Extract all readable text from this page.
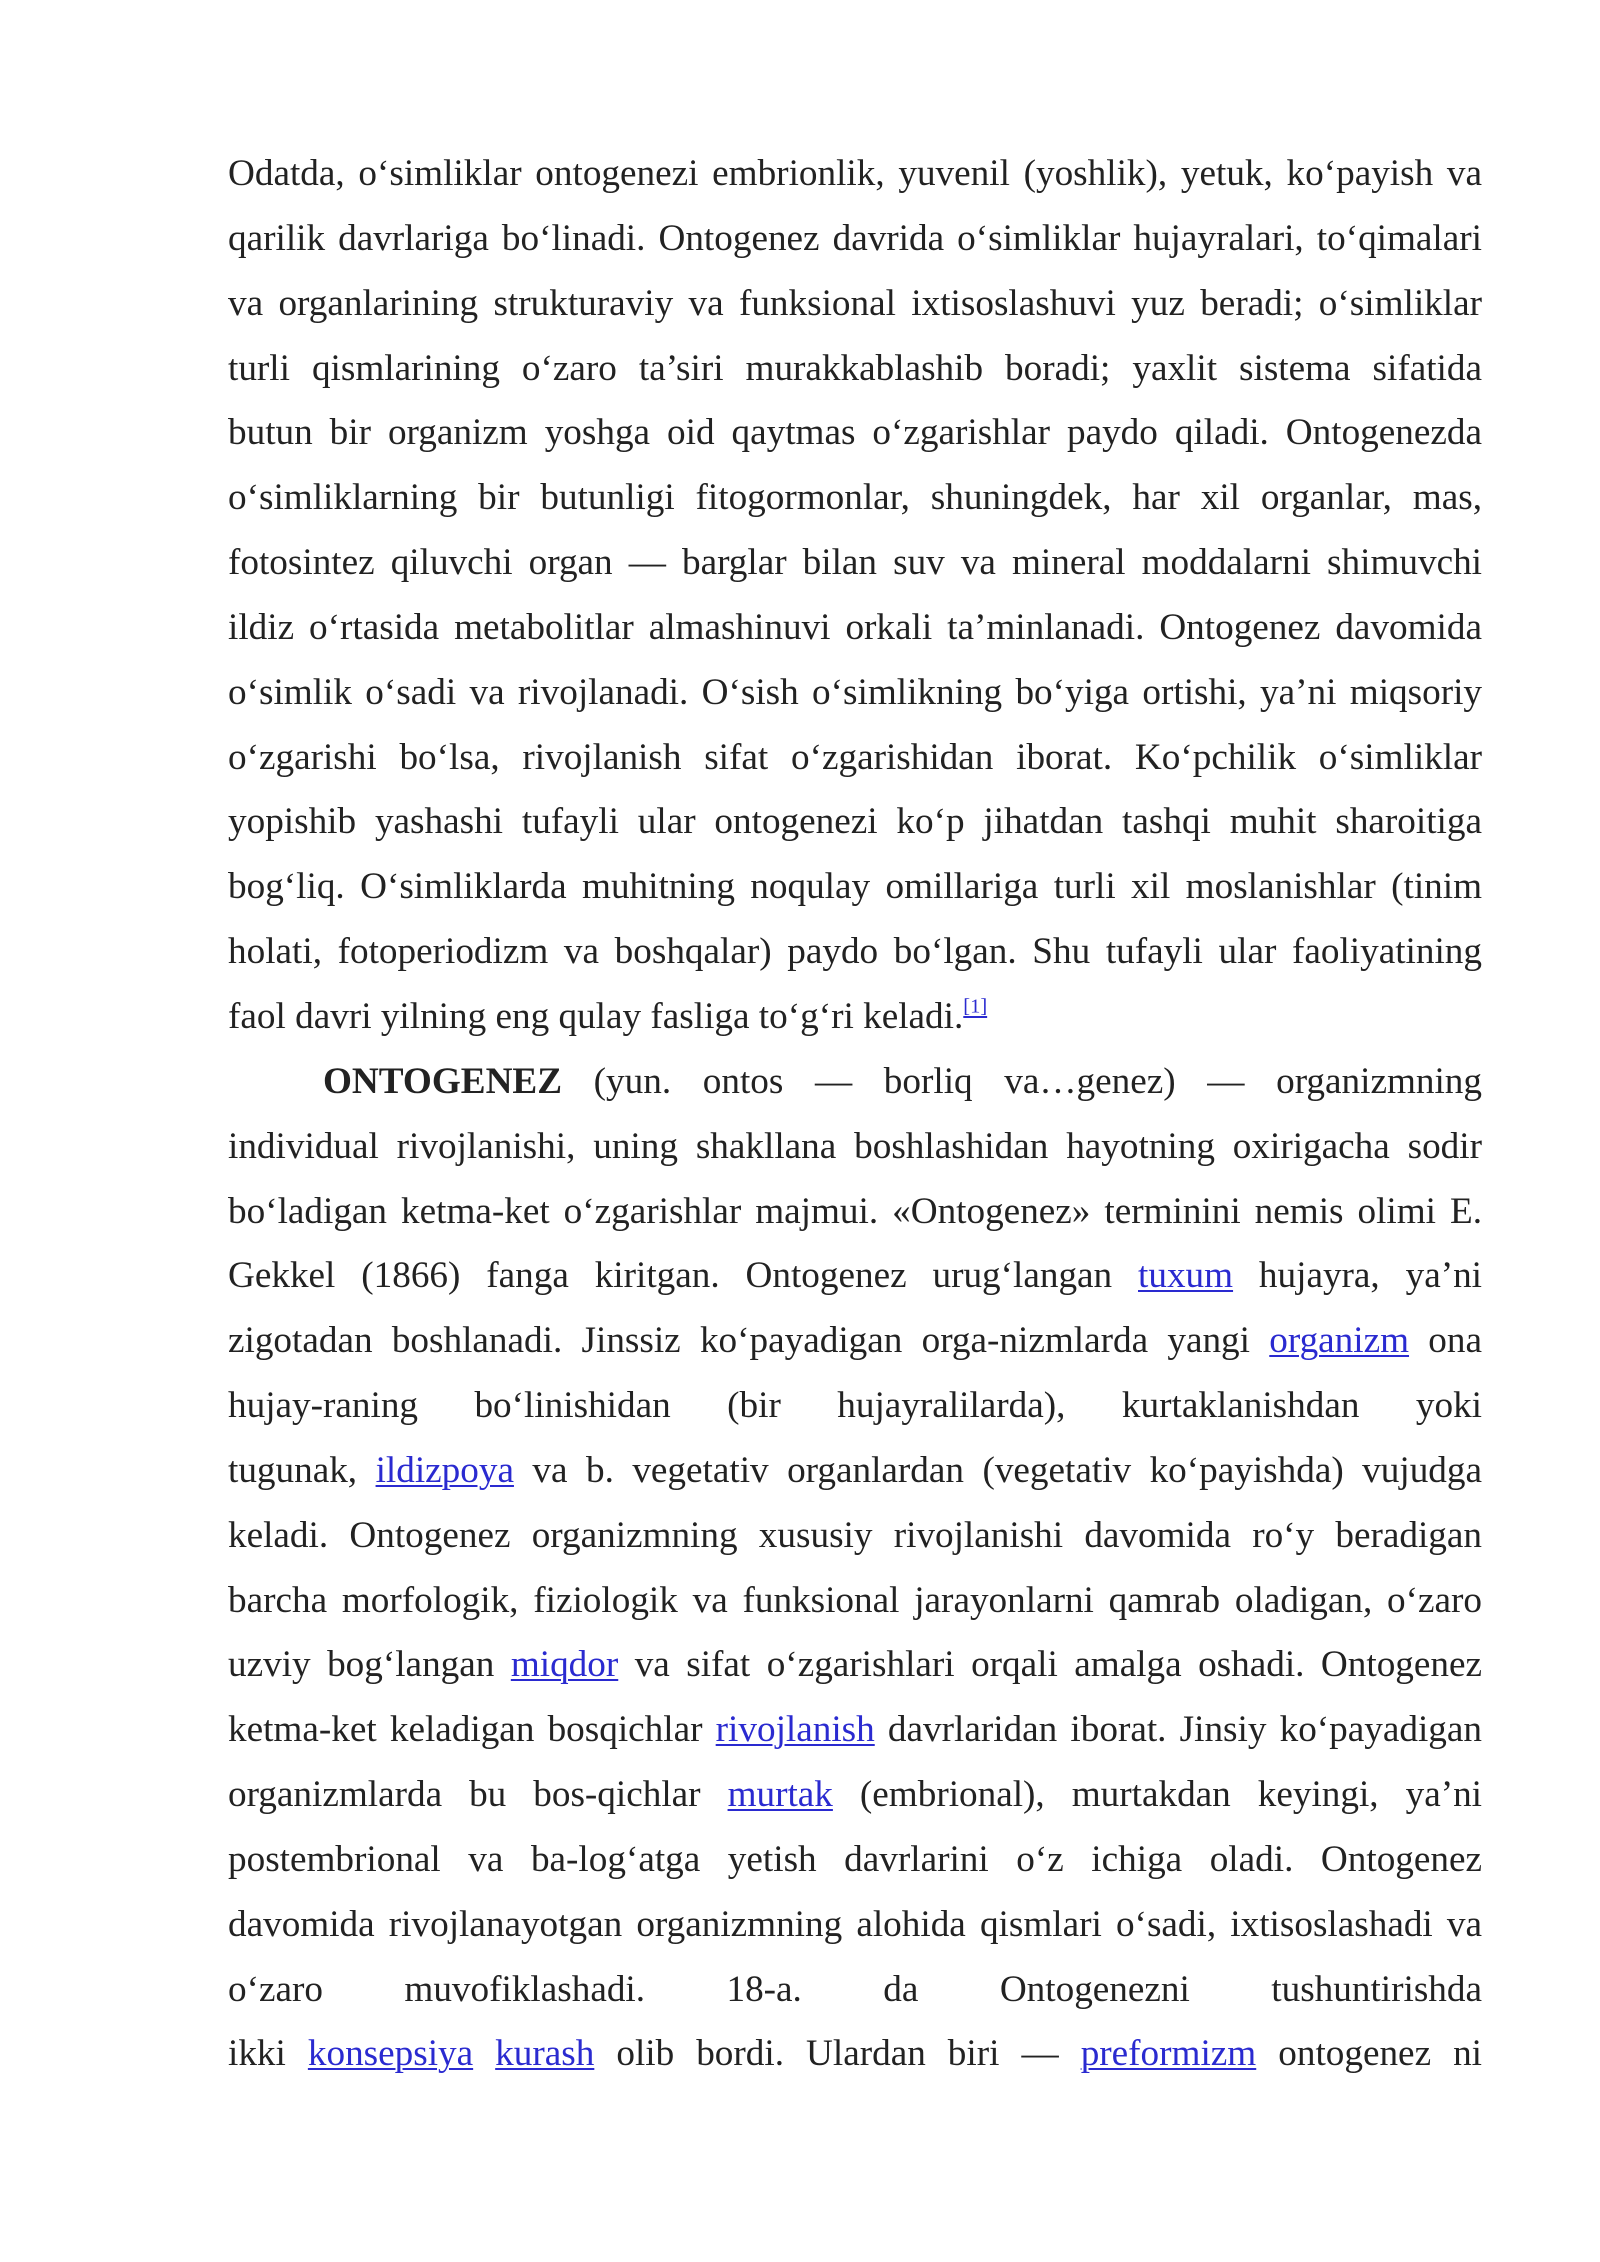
Odatda, o‘simliklar ontogenezi embrionlik, yuvenil (yoshlik), yetuk, ko‘payish va
qarilik davrlariga bo‘linadi. Ontogenez davrida o‘simliklar hujayralari, to‘qimalari
va organlarining strukturaviy va funksional ixtisoslashuvi yuz beradi; o‘simliklar
turli qismlarining o‘zaro ta’siri murakkablashib boradi; yaxlit sistema sifatida
butun bir organizm yoshga oid qaytmas o‘zgarishlar paydo qiladi. Ontogenezda
o‘simliklarning bir butunligi fitogormonlar, shuningdek, har xil organlar, mas,
fotosintez qiluvchi organ — barglar bilan suv va mineral moddalarni shimuvchi
ildiz o‘rtasida metabolitlar almashinuvi orkali ta’minlanadi. Ontogenez davomida
o‘simlik o‘sadi va rivojlanadi. O‘sish o‘simlikning bo‘yiga ortishi, ya’ni miqsoriy
o‘zgarishi bo‘lsa, rivojlanish sifat o‘zgarishidan iborat. Ko‘pchilik o‘simliklar
yopishib yashashi tufayli ular ontogenezi ko‘p jihatdan tashqi muhit sharoitiga
bog‘liq. O‘simliklarda muhitning noqulay omillariga turli xil moslanishlar (tinim
holati, fotoperiodizm va boshqalar) paydo bo‘lgan. Shu tufayli ular faoliyatining
faol davri yilning eng qulay fasliga to‘g‘ri keladi.[1]
ONTOGENEZ (yun. ontos — borliq va…genez) — organizmning
individual rivojlanishi, uning shakllana boshlashidan hayotning oxirigacha sodir
bo‘ladigan ketma-ket o‘zgarishlar majmui. «Ontogenez» terminini nemis olimi E.
Gekkel (1866) fanga kiritgan. Ontogenez urug‘langan tuxum hujayra, ya’ni
zigotadan boshlanadi. Jinssiz ko‘payadigan orga-nizmlarda yangi organizm ona
hujay-raning bo‘linishidan (bir hujayralilarda), kurtaklanishdan yoki
tugunak, ildizpoya va b. vegetativ organlardan (vegetativ ko‘payishda) vujudga
keladi. Ontogenez organizmning xususiy rivojlanishi davomida ro‘y beradigan
barcha morfologik, fiziologik va funksional jarayonlarni qamrab oladigan, o‘zaro
uzviy bog‘langan miqdor va sifat o‘zgarishlari orqali amalga oshadi. Ontogenez
ketma-ket keladigan bosqichlar rivojlanish davrlaridan iborat. Jinsiy ko‘payadigan
organizmlarda bu bos-qichlar murtak (embrional), murtakdan keyingi, ya’ni
postembrional va ba-log‘atga yetish davrlarini o‘z ichiga oladi. Ontogenez
davomida rivojlanayotgan organizmning alohida qismlari o‘sadi, ixtisoslashadi va
o‘zaro muvofiklashadi. 18-a. da Ontogenezni tushuntirishda
ikki konsepsiya kurash olib bordi. Ulardan biri — preformizm ontogenez ni
